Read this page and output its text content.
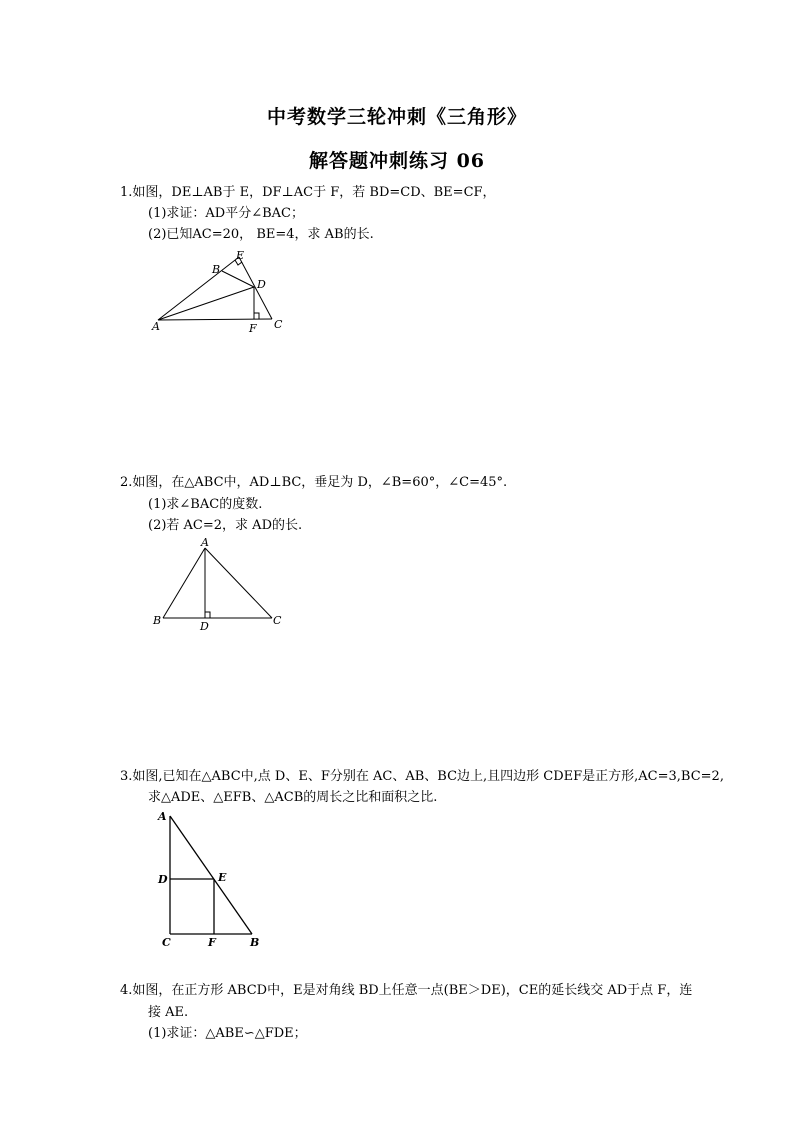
中考数学三轮冲刺《三角形》
解答题冲刺练习 06
1.如图，DE⊥AB于 E，DF⊥AC于 F，若 BD=CD、BE=CF，
(1)求证：AD平分∠BAC；
(2)已知AC=20， BE=4，求 AB的长.
A
B
C
D
E
F
2.如图，在△ABC中，AD⊥BC，垂足为 D，∠B=60°，∠C=45°.
(1)求∠BAC的度数.
(2)若 AC=2，求 AD的长.
A
B	C
D
3.如图,已知在△ABC中,点 D、E、F分别在 AC、AB、BC边上,且四边形 CDEF是正方形,AC=3,BC=2,
求△ADE、△EFB、△ACB的周长之比和面积之比.
A
D	E
C	F	B
4.如图，在正方形 ABCD中，E是对角线 BD上任意一点(BE＞DE)，CE的延长线交 AD于点 F，连
接 AE.
(1)求证：△ABE∽△FDE；
